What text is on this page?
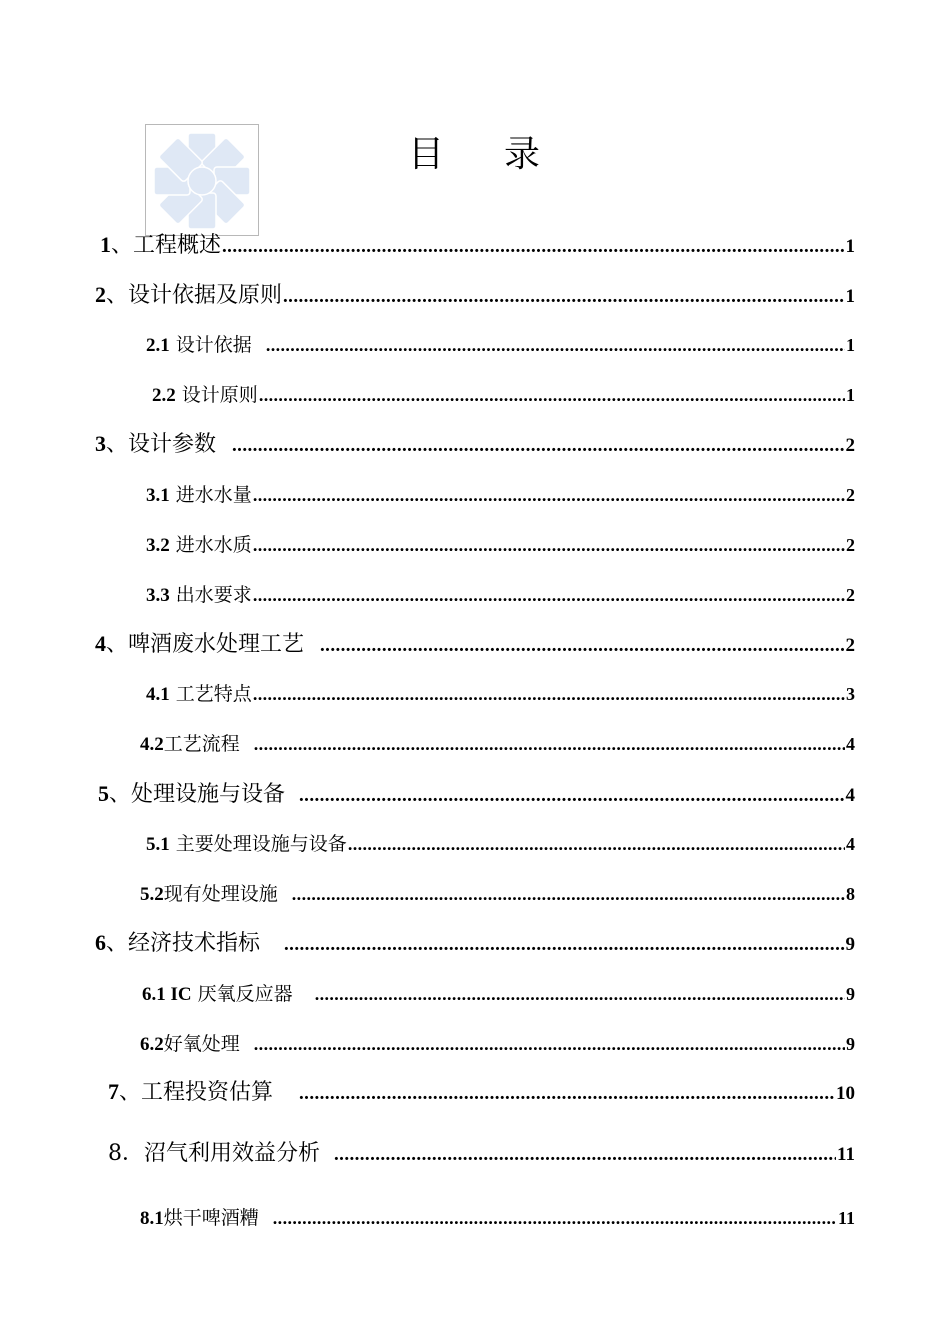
目 录
1、工程概述 .....	1
2、设计依据及原则 .....	1
2.1 设计依据 .....	1
2.2 设计原则 .....	1
3、设计参数 .....	2
3.1 进水水量 .....	2
3.2 进水水质 .....	2
3.3 出水要求 .....	2
4、啤酒废水处理工艺 .....	2
4.1 工艺特点 .....	3
4.2工艺流程 .....	4
5、处理设施与设备 .....	4
5.1 主要处理设施与设备 .....	4
5.2现有处理设施 .....	8
6、经济技术指标 .....	9
6.1 IC 厌氧反应器 .....	9
6.2好氧处理 .....	9
7、工程投资估算 .....	10
8．沼气利用效益分析 .....	11
8.1烘干啤酒糟 .....	11
